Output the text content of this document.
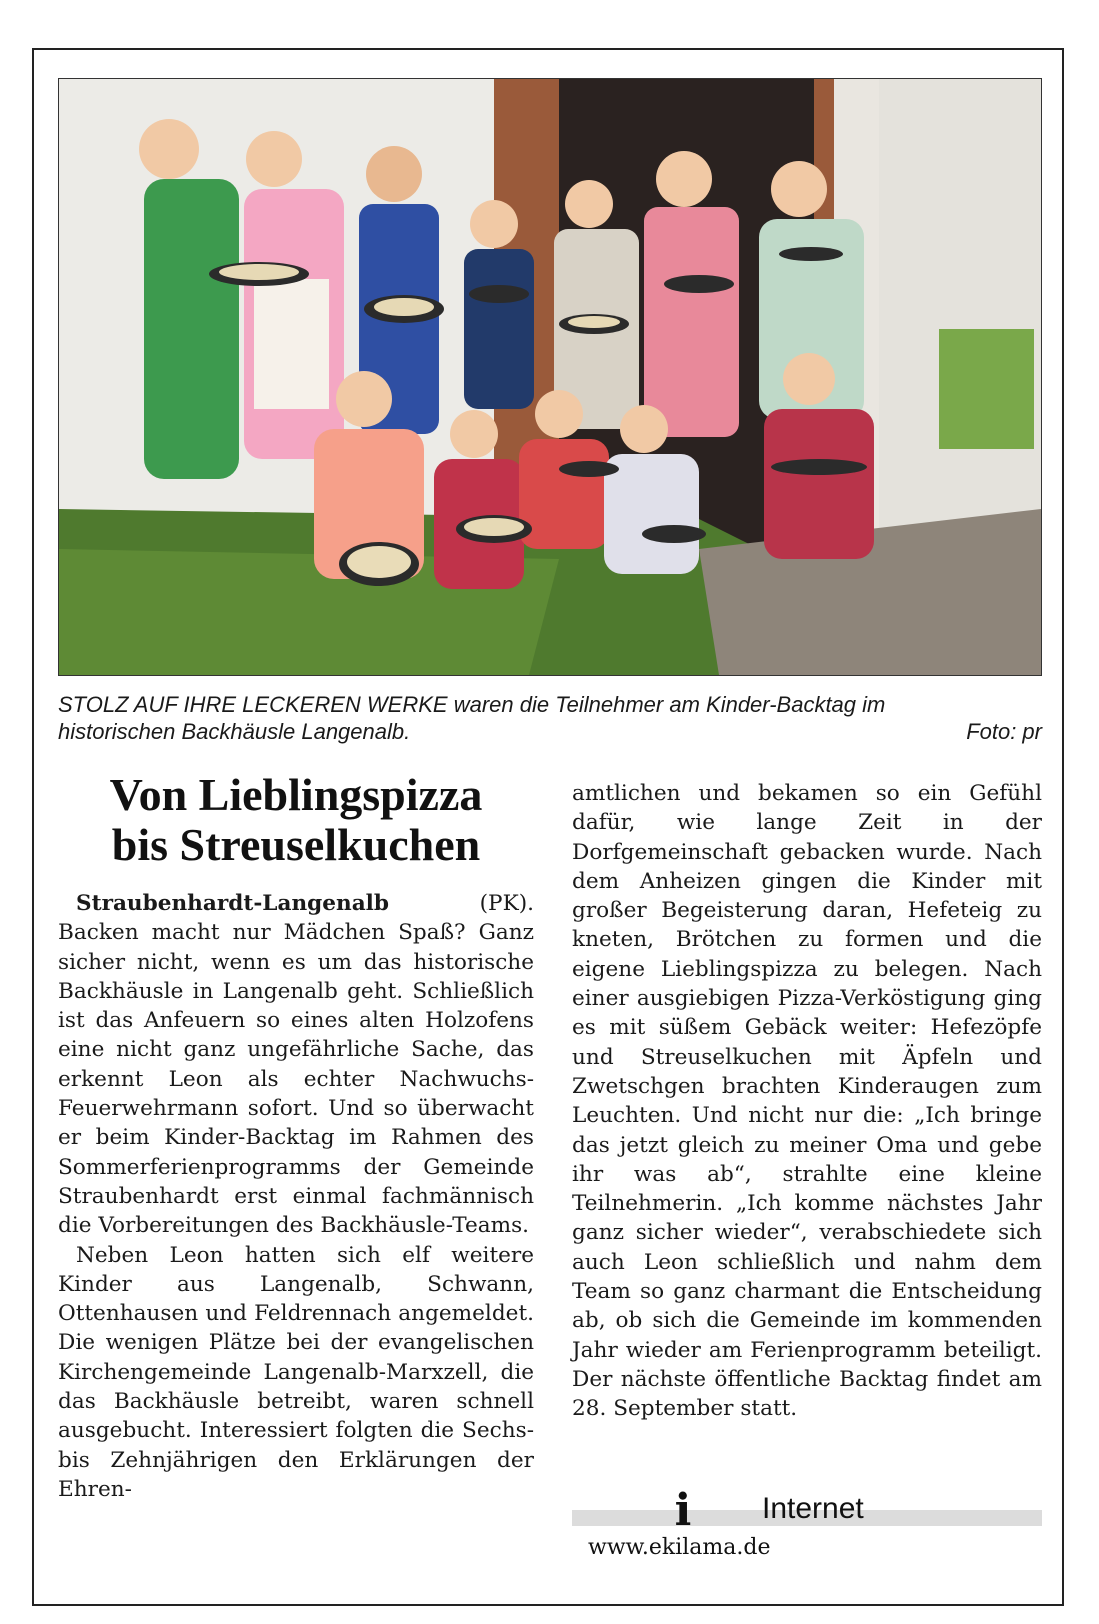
STOLZ AUF IHRE LECKEREN WERKE waren die Teilnehmer am Kinder-Backtag im
historischen Backhäusle Langenalb.	Foto: pr
Von Lieblingspizza
bis Streuselkuchen

Straubenhardt-Langenalb (PK). Backen macht nur Mädchen Spaß? Ganz sicher nicht, wenn es um das historische Backhäusle in Langenalb geht. Schließlich ist das Anfeuern so eines alten Holzofens eine nicht ganz ungefährliche Sache, das erkennt Leon als echter Nachwuchs-Feuerwehrmann sofort. Und so überwacht er beim Kinder-Backtag im Rahmen des Sommerferienprogramms der Gemeinde Straubenhardt erst einmal fachmännisch die Vorbereitungen des Backhäusle-Teams.

Neben Leon hatten sich elf weitere Kinder aus Langenalb, Schwann, Ottenhausen und Feldrennach angemeldet. Die wenigen Plätze bei der evangelischen Kirchengemeinde Langenalb-Marxzell, die das Backhäusle betreibt, waren schnell ausgebucht. Interessiert folgten die Sechs- bis Zehnjährigen den Erklärungen der Ehren-

amtlichen und bekamen so ein Gefühl dafür, wie lange Zeit in der Dorfgemeinschaft gebacken wurde. Nach dem Anheizen gingen die Kinder mit großer Begeisterung daran, Hefeteig zu kneten, Brötchen zu formen und die eigene Lieblingspizza zu belegen. Nach einer ausgiebigen Pizza-Verköstigung ging es mit süßem Gebäck weiter: Hefezöpfe und Streuselkuchen mit Äpfeln und Zwetschgen brachten Kinderaugen zum Leuchten. Und nicht nur die: „Ich bringe das jetzt gleich zu meiner Oma und gebe ihr was ab“, strahlte eine kleine Teilnehmerin. „Ich komme nächstes Jahr ganz sicher wieder“, verabschiedete sich auch Leon schließlich und nahm dem Team so ganz charmant die Entscheidung ab, ob sich die Gemeinde im kommenden Jahr wieder am Ferienprogramm beteiligt. Der nächste öffentliche Backtag findet am 28. September statt.

i Internet
www.ekilama.de
